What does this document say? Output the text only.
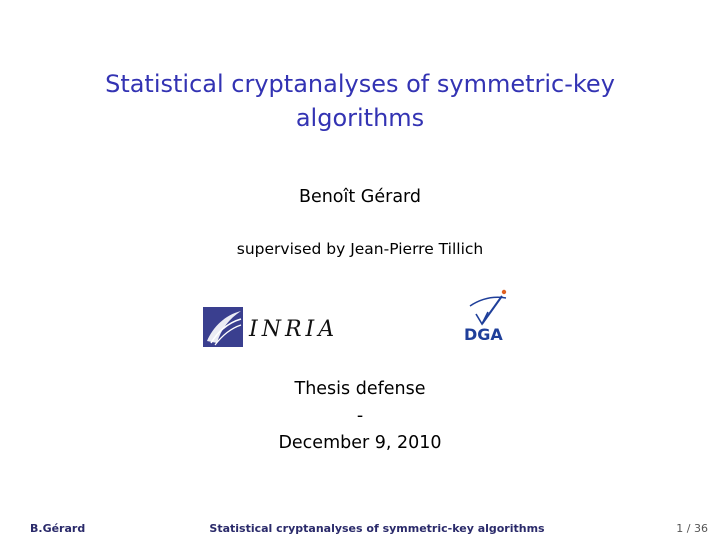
Statistical cryptanalyses of symmetric-key
algorithms
Benoît Gérard
supervised by Jean-Pierre Tillich
INRIA	DGA
Thesis defense
-
December 9, 2010
Statistical cryptanalyses of symmetric-key algorithms
B.Gérard	1 / 36
